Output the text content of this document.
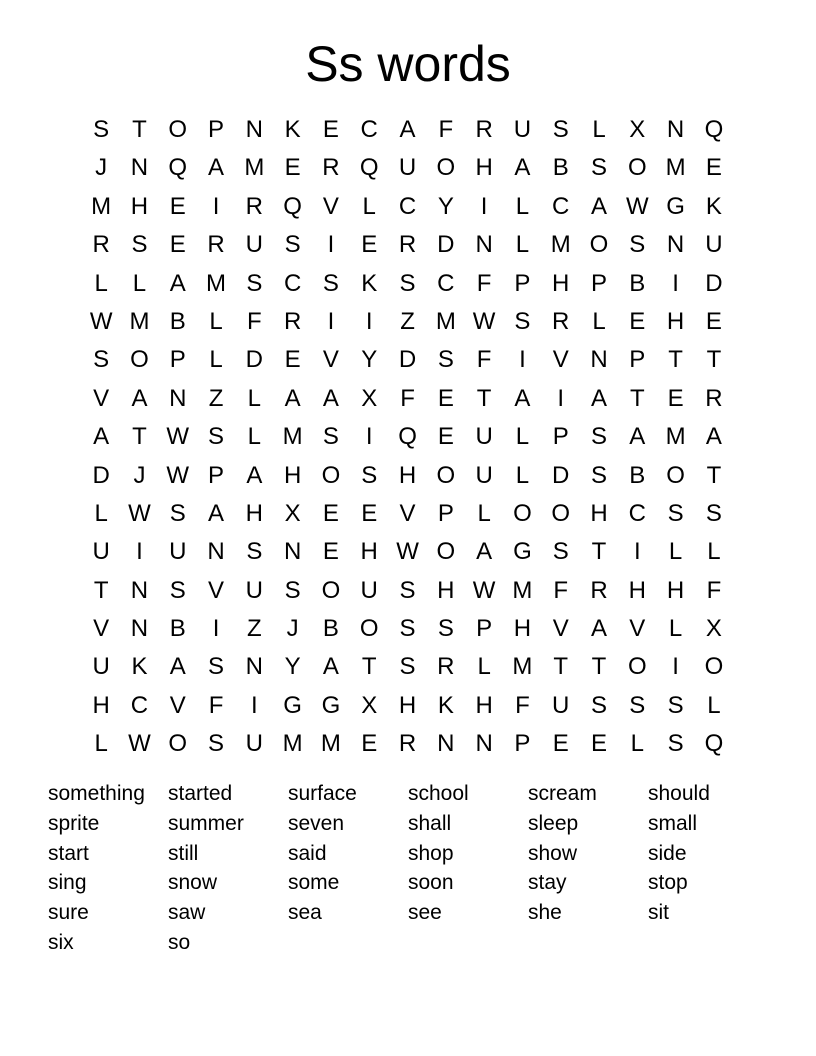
Ss words
S T O P N K E C A F R U S L X N Q
J N Q A M E R Q U O H A B S O M E
M H E	I	R Q V L C Y	I	L C A W G K
R S E R U S	I	E R D N L M O S N U
L	L A M S C S K S C F P H P B	I	D
W M B L	F R	I	I	Z M W S R L E H E
S O P L D E V Y D S F	I	V N P T T
V A N Z	L A A X F E T A	I	A T E R
A T W S L M S	I	Q E U L P S A M A
D J W P A H O S H O U L D S B O T
L W S A H X E E V P L O O H C S S
U	I	U N S N E H W O A G S T	I	L	L
T N S V U S O U S H W M F R H H F
V N B	I	Z	J	B O S S P H V A V L X
U K A S N Y A T S R L M T T O	I	O
H C V F	I	G G X H K H F U S S S L
L W O S U M M E R N N P E E L S Q
something	started	surface	school	scream	should
sprite	summer	seven	shall	sleep	small
start	still	said	shop	show	side
sing	snow	some	soon	stay	stop
sure	saw	sea	see	she	sit
six	so
